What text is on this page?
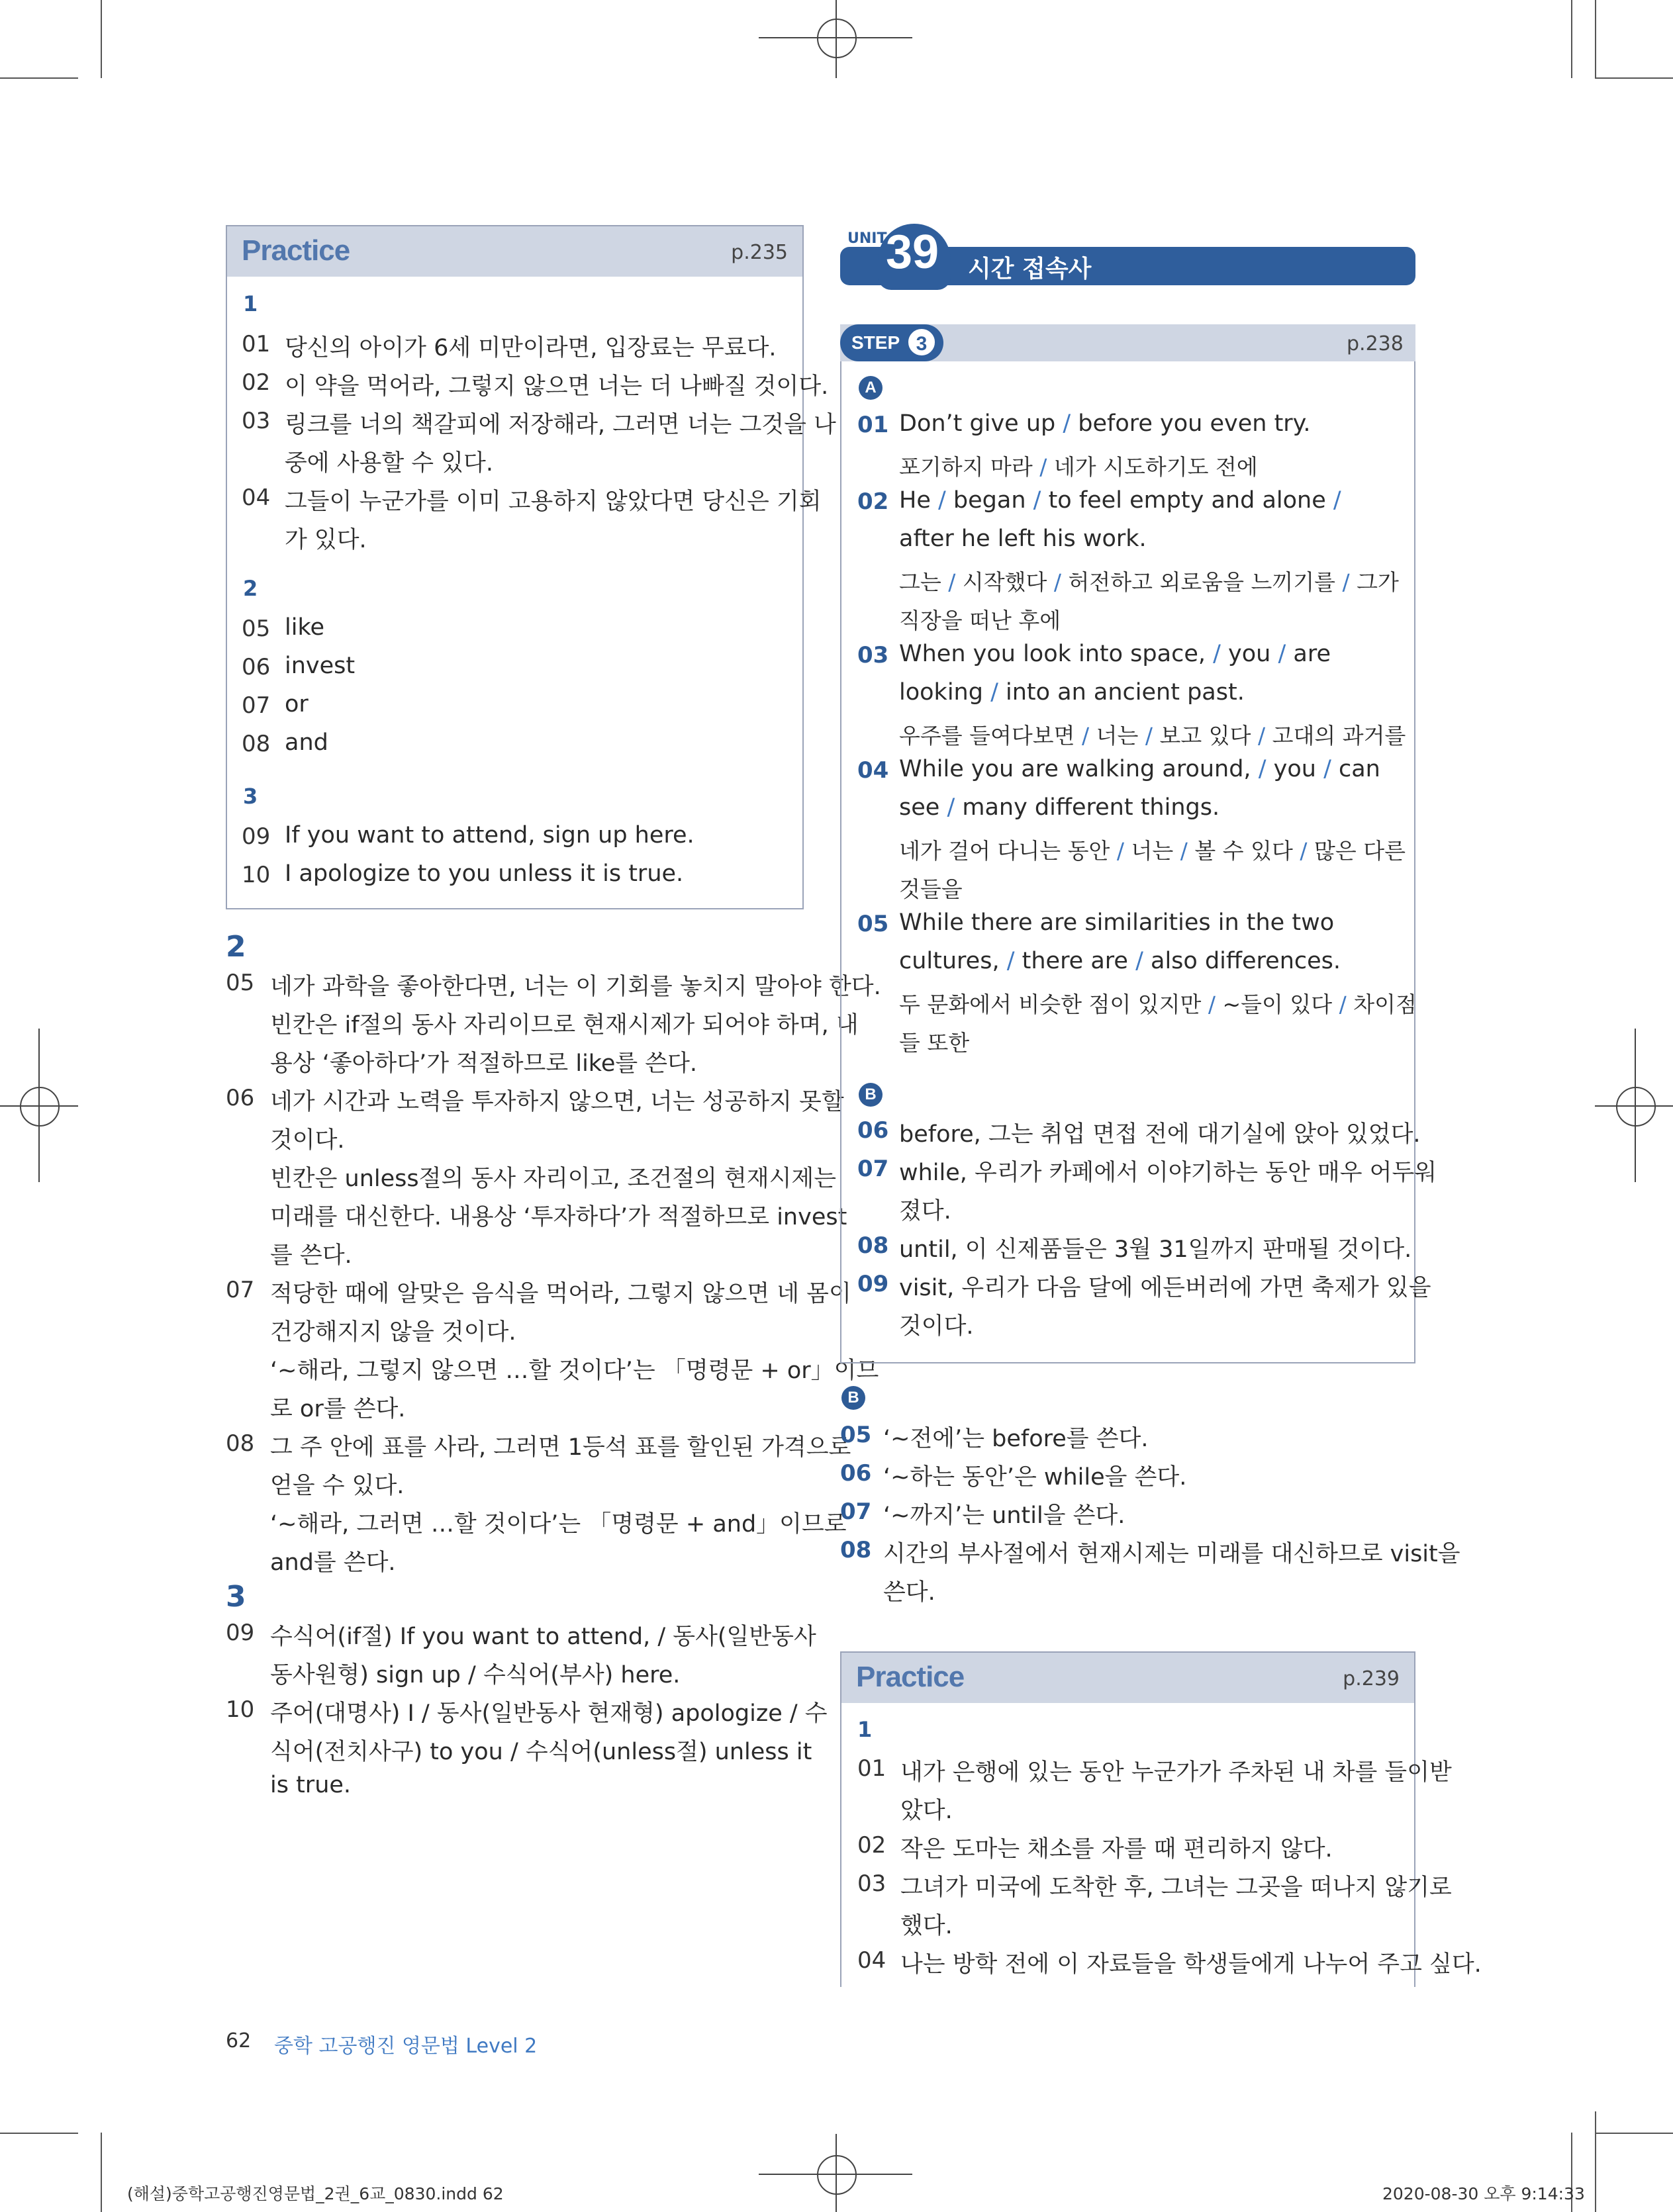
Practice	p.235
1
01 당신의 아이가 6세 미만이라면, 입장료는 무료다.
02 이 약을 먹어라, 그렇지 않으면 너는 더 나빠질 것이다.
03 링크를 너의 책갈피에 저장해라, 그러면 너는 그것을 나
중에 사용할 수 있다.
04 그들이 누군가를 이미 고용하지 않았다면 당신은 기회
가 있다.
2
05 like
06 invest
07 or
08 and
3
09 If you want to attend, sign up here.
10 I apologize to you unless it is true.
2
05 네가 과학을 좋아한다면, 너는 이 기회를 놓치지 말아야 한다.
빈칸은 if절의 동사 자리이므로 현재시제가 되어야 하며, 내
용상 ‘좋아하다’가 적절하므로 like를 쓴다.
06 네가 시간과 노력을 투자하지 않으면, 너는 성공하지 못할
것이다.
빈칸은 unless절의 동사 자리이고, 조건절의 현재시제는
미래를 대신한다. 내용상 ‘투자하다’가 적절하므로 invest
를 쓴다.
07 적당한 때에 알맞은 음식을 먹어라, 그렇지 않으면 네 몸이
건강해지지 않을 것이다.
‘~해라, 그렇지 않으면 …할 것이다’는 「명령문 + or」이므
로 or를 쓴다.
08 그 주 안에 표를 사라, 그러면 1등석 표를 할인된 가격으로
얻을 수 있다.
‘~해라, 그러면 …할 것이다’는 「명령문 + and」이므로
and를 쓴다.
3
09 수식어(if절) If you want to attend, / 동사(일반동사
동사원형) sign up / 수식어(부사) here.
10 주어(대명사) I / 동사(일반동사 현재형) apologize / 수
식어(전치사구) to you / 수식어(unless절) unless it
is true.
UNIT
39 시간 접속사
STEP 3	p.238
A
01 Don’t give up / before you even try.
포기하지 마라 / 네가 시도하기도 전에
02 He / began / to feel empty and alone /
after he left his work.
그는 / 시작했다 / 허전하고 외로움을 느끼기를 / 그가
직장을 떠난 후에
03 When you look into space, / you / are
looking / into an ancient past.
우주를 들여다보면 / 너는 / 보고 있다 / 고대의 과거를
04 While you are walking around, / you / can
see / many different things.
네가 걸어 다니는 동안 / 너는 / 볼 수 있다 / 많은 다른
것들을
05 While there are similarities in the two
cultures, / there are / also differences.
두 문화에서 비슷한 점이 있지만 / ~들이 있다 / 차이점
들 또한
B
06 before, 그는 취업 면접 전에 대기실에 앉아 있었다.
07 while, 우리가 카페에서 이야기하는 동안 매우 어두워
졌다.
08 until, 이 신제품들은 3월 31일까지 판매될 것이다.
09 visit, 우리가 다음 달에 에든버러에 가면 축제가 있을
것이다.
B
05 ‘~전에’는 before를 쓴다.
06 ‘~하는 동안’은 while을 쓴다.
07 ‘~까지’는 until을 쓴다.
08 시간의 부사절에서 현재시제는 미래를 대신하므로 visit을
쓴다.
Practice	p.239
1
01 내가 은행에 있는 동안 누군가가 주차된 내 차를 들이받
았다.
02 작은 도마는 채소를 자를 때 편리하지 않다.
03 그녀가 미국에 도착한 후, 그녀는 그곳을 떠나지 않기로
했다.
04 나는 방학 전에 이 자료들을 학생들에게 나누어 주고 싶다.
62 중학 고공행진 영문법 Level 2
(해설)중학고공행진영문법_2권_6교_0830.indd 62	2020-08-30 오후 9:14:33
